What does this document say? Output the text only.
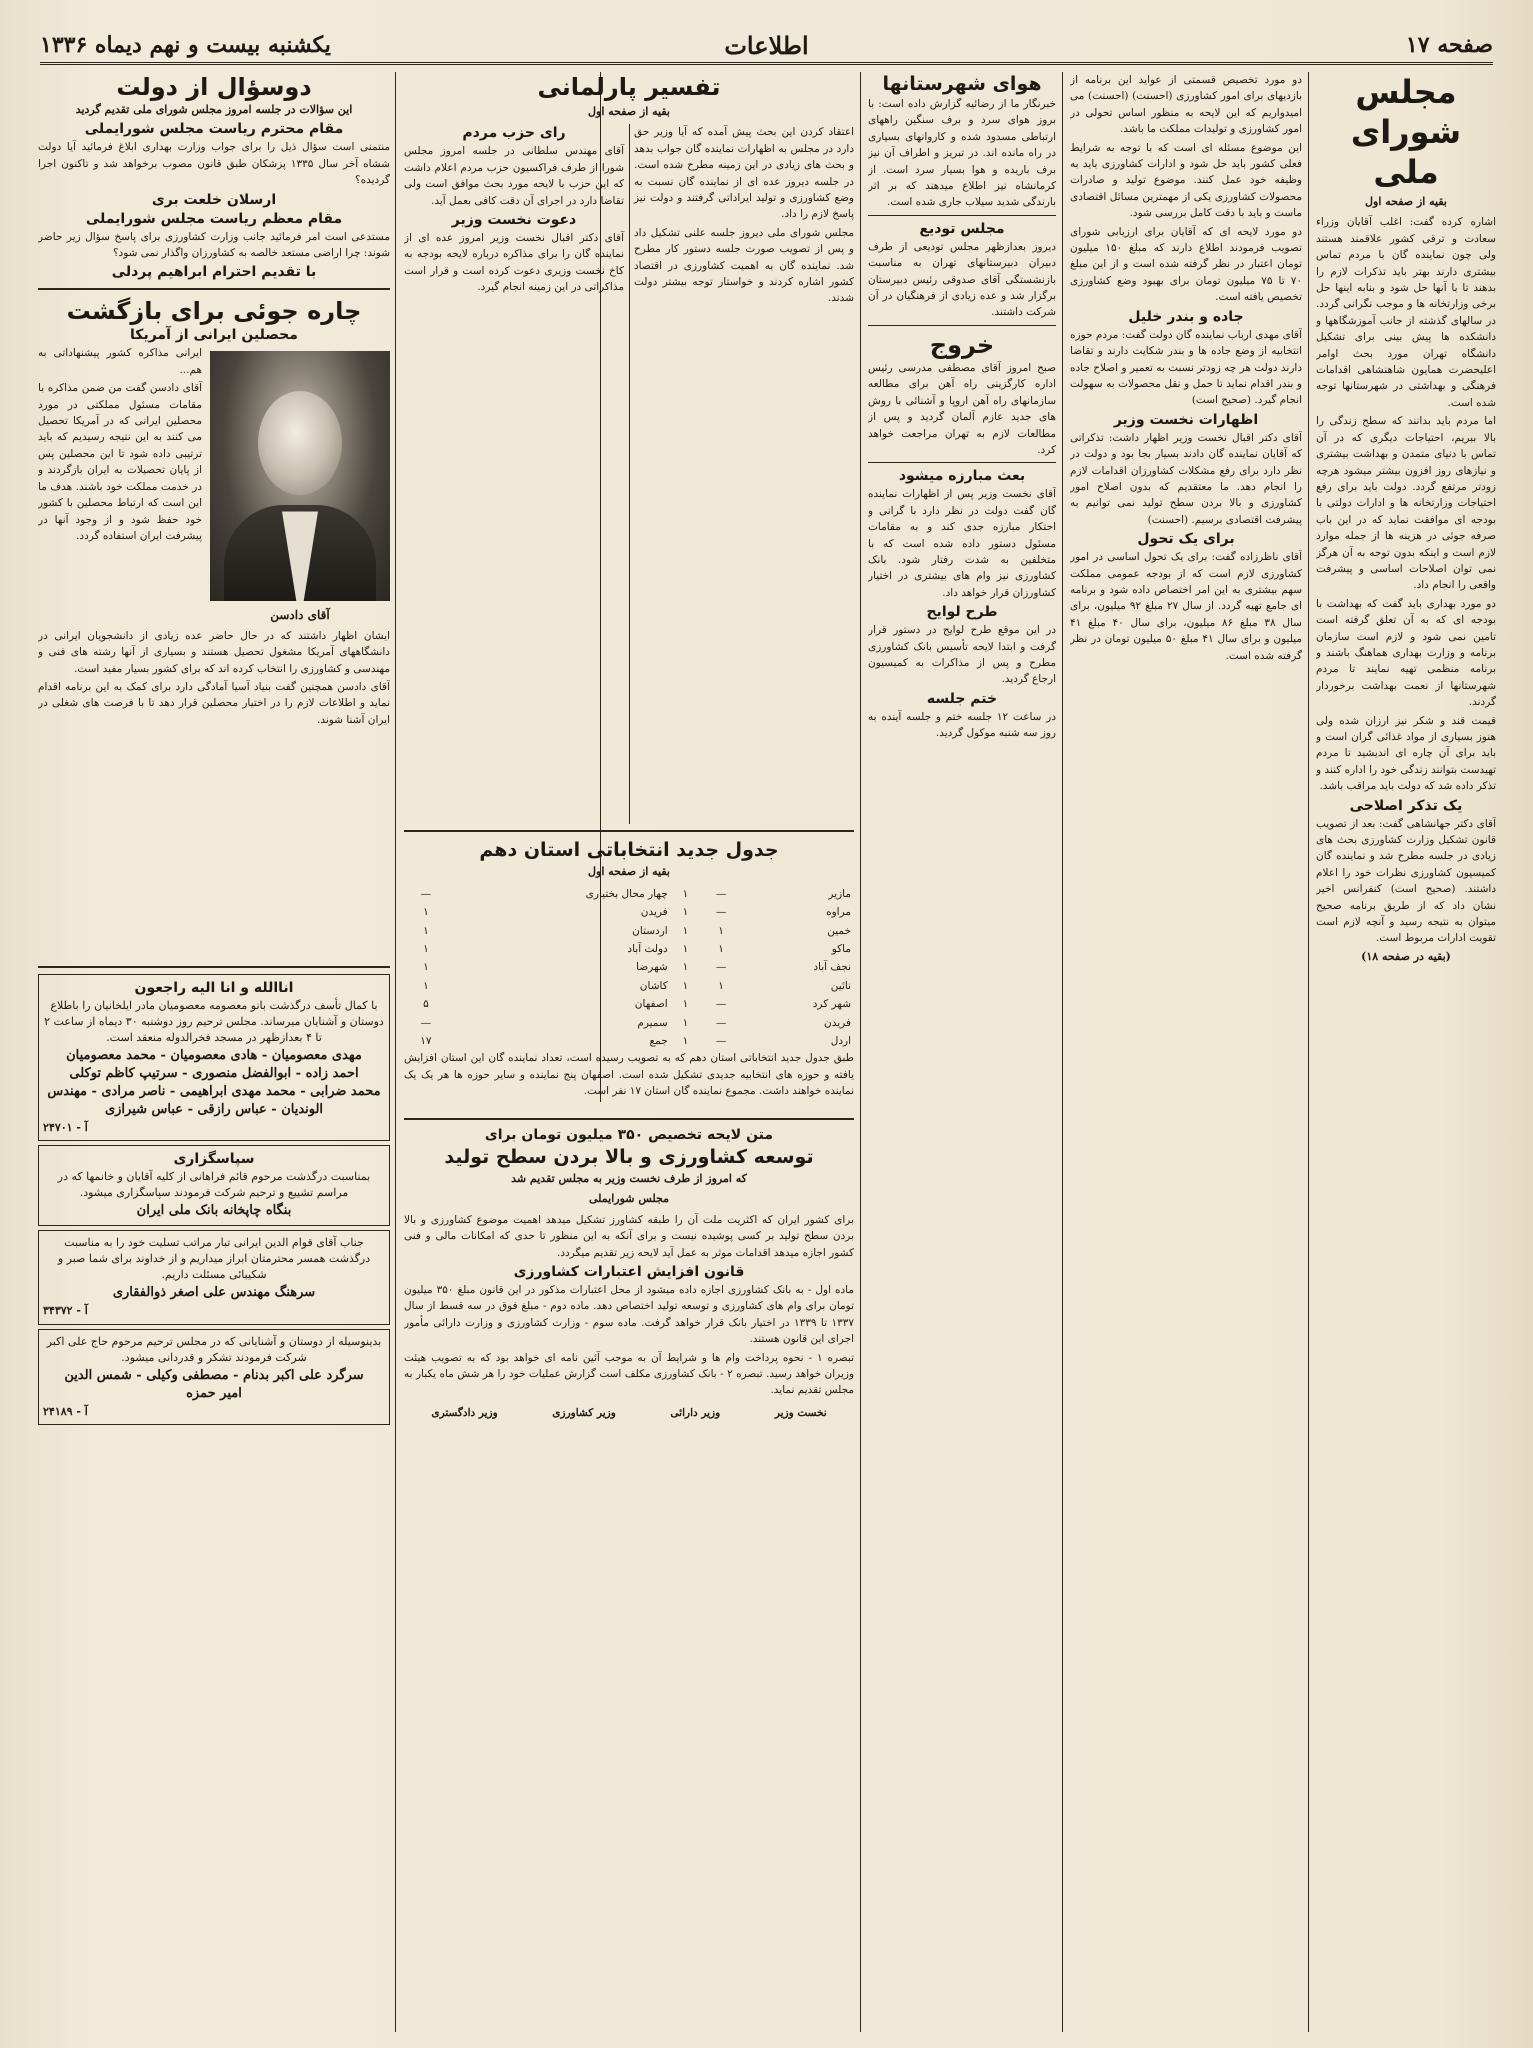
صفحه ۱۷
اطلاعات
یکشنبه بیست و نهم دیماه ۱۳۳۶
مجلس شورای ملی
بقیه از صفحه اول

اشاره کرده گفت: اغلب آقایان وزراء سعادت و ترقی کشور علاقمند هستند ولی چون نماینده گان با مردم تماس بیشتری دارند بهتر باید تذکرات لازم را بدهند تا با آنها حل شود و بنابه اینها حل برخی وزارتخانه ها و موجب نگرانی گردد. در سالهای گذشته از جانب آموزشگاهها و دانشکده ها پیش بینی برای تشکیل دانشگاه تهران مورد بحث اوامر اعلیحضرت همایون شاهنشاهی اقدامات فرهنگی و بهداشتی در شهرستانها توجه شده است.

اما مردم باید بدانند که سطح زندگی را بالا ببریم، احتیاجات دیگری که در آن تماس با دنیای متمدن و بهداشت بیشتری و نیازهای روز افزون بیشتر میشود هرچه زودتر مرتفع گردد. دولت باید برای رفع احتیاجات وزارتخانه ها و ادارات دولتی با بودجه ای موافقت نماید که در این باب صرفه جوئی در هزینه ها از جمله موارد لازم است و اینکه بدون توجه به آن هرگز نمی توان اصلاحات اساسی و پیشرفت واقعی را انجام داد.

دو مورد بهداری باید گفت که بهداشت با بودجه ای که به آن تعلق گرفته است تامین نمی شود و لازم است سازمان برنامه و وزارت بهداری هماهنگ باشند و برنامه منظمی تهیه نمایند تا مردم شهرستانها از نعمت بهداشت برخوردار گردند.

قیمت قند و شکر نیز ارزان شده ولی هنوز بسیاری از مواد غذائی گران است و باید برای آن چاره ای اندیشید تا مردم تهیدست بتوانند زندگی خود را اداره کنند و تذکر داده شد که دولت باید مراقب باشد.

یک تذکر اصلاحی

آقای دکتر جهانشاهی گفت: بعد از تصویب قانون تشکیل وزارت کشاورزی بحث های زیادی در جلسه مطرح شد و نماینده گان کمیسیون کشاورزی نظرات خود را اعلام داشتند. (صحیح است) کنفرانس اخیر نشان داد که از طریق برنامه صحیح میتوان به نتیجه رسید و آنچه لازم است تقویت ادارات مربوط است.

(بقیه در صفحه ۱۸)

دو مورد تخصیص قسمتی از عواید این برنامه از بازدیهای برای امور کشاورزی (احسنت) (احسنت) می امیدواریم که این لایحه به منظور اساس تحولی در امور کشاورزی و تولیدات مملکت ما باشد.

این موضوع مسئله ای است که با توجه به شرایط فعلی کشور باید حل شود و ادارات کشاورزی باید به وظیفه خود عمل کنند. موضوع تولید و صادرات محصولات کشاورزی یکی از مهمترین مسائل اقتصادی ماست و باید با دقت کامل بررسی شود.

دو مورد لایحه ای که آقایان برای ارزیابی شورای تصویب فرمودند اطلاع دارند که مبلغ ۱۵۰ میلیون تومان اعتبار در نظر گرفته شده است و از این مبلغ ۷۰ تا ۷۵ میلیون تومان برای بهبود وضع کشاورزی تخصیص یافته است.

جاده و بندر خلیل

آقای مهدی ارباب نماینده گان دولت گفت: مردم حوزه انتخابیه از وضع جاده ها و بندر شکایت دارند و تقاضا دارند دولت هر چه زودتر نسبت به تعمیر و اصلاح جاده و بندر اقدام نماید تا حمل و نقل محصولات به سهولت انجام گیرد. (صحیح است)

اظهارات نخست وزیر

آقای دکتر اقبال نخست وزیر اظهار داشت: تذکراتی که آقایان نماینده گان دادند بسیار بجا بود و دولت در نظر دارد برای رفع مشکلات کشاورزان اقدامات لازم را انجام دهد. ما معتقدیم که بدون اصلاح امور کشاورزی و بالا بردن سطح تولید نمی توانیم به پیشرفت اقتصادی برسیم. (احسنت)

برای یک تحول

آقای ناظرزاده گفت: برای یک تحول اساسی در امور کشاورزی لازم است که از بودجه عمومی مملکت سهم بیشتری به این امر اختصاص داده شود و برنامه ای جامع تهیه گردد. از سال ۲۷ مبلغ ۹۲ میلیون، برای سال ۳۸ مبلغ ۸۶ میلیون، برای سال ۴۰ مبلغ ۴۱ میلیون و برای سال ۴۱ مبلغ ۵۰ میلیون تومان در نظر گرفته شده است.

هوای شهرستانها

خبرنگار ما از رضائیه گزارش داده است: با بروز هوای سرد و برف سنگین راههای ارتباطی مسدود شده و کاروانهای بسیاری در راه مانده اند. در تبریز و اطراف آن نیز برف باریده و هوا بسیار سرد است. از کرمانشاه نیز اطلاع میدهند که بر اثر بارندگی شدید سیلاب جاری شده است.

مجلس توديع

دیروز بعدازظهر مجلس تودیعی از طرف دبیران دبیرستانهای تهران به مناسبت بازنشستگی آقای صدوقی رئیس دبیرستان برگزار شد و عده زیادی از فرهنگیان در آن شرکت داشتند.

خروج

صبح امروز آقای مصطفی مدرسی رئیس اداره کارگزینی راه آهن برای مطالعه سازمانهای راه آهن اروپا و آشنائی با روش های جدید عازم آلمان گردید و پس از مطالعات لازم به تهران مراجعت خواهد کرد.

بعث مبارزه میشود

آقای نخست وزیر پس از اظهارات نماینده گان گفت دولت در نظر دارد با گرانی و احتکار مبارزه جدی کند و به مقامات مسئول دستور داده شده است که با متخلفین به شدت رفتار شود. بانک کشاورزی نیز وام های بیشتری در اختیار کشاورزان قرار خواهد داد.

طرح لوايح

در این موقع طرح لوایح در دستور قرار گرفت و ابتدا لایحه تأسیس بانک کشاورزی مطرح و پس از مذاکرات به کمیسیون ارجاع گردید.

ختم جلسه

در ساعت ۱۲ جلسه ختم و جلسه آینده به روز سه شنبه موکول گردید.

تفسیر پارلمانی
بقیه از صفحه اول

اعتقاد کردن این بحث پیش آمده که آیا وزیر حق دارد در مجلس به اظهارات نماینده گان جواب بدهد و بحث های زیادی در این زمینه مطرح شده است. در جلسه دیروز عده ای از نماینده گان نسبت به وضع کشاورزی و تولید ایراداتی گرفتند و دولت نیز پاسخ لازم را داد.

مجلس شورای ملی دیروز جلسه علنی تشکیل داد و پس از تصویب صورت جلسه دستور کار مطرح شد. نماینده گان به اهمیت کشاورزی در اقتصاد کشور اشاره کردند و خواستار توجه بیشتر دولت شدند.

رای حزب مردم

آقای مهندس سلطانی در جلسه امروز مجلس شورا از طرف فراکسیون حزب مردم اعلام داشت که این حزب با لایحه مورد بحث موافق است ولی تقاضا دارد در اجرای آن دقت کافی بعمل آید.

دعوت نخست وزیر

آقای دکتر اقبال نخست وزیر امروز عده ای از نماینده گان را برای مذاکره درباره لایحه بودجه به کاخ نخست وزیری دعوت کرده است و قرار است مذاکراتی در این زمینه انجام گیرد.

جدول جدید انتخاباتی استان دهم
بقیه از صفحه اول
مازیر	—	۱	چهار محال بختیاری	—
مراوه	—	۱	فریدن	۱
خمین	۱	۱	اردستان	۱
ماکو	۱	۱	دولت آباد	۱
نجف آباد	—	۱	شهرضا	۱
نائین	۱	۱	کاشان	۱
شهر کرد	—	۱	اصفهان	۵
فریدن	—	۱	سمیرم	—
اردل	—	۱	جمع	۱۷

طبق جدول جدید انتخاباتی استان دهم که به تصویب رسیده است، تعداد نماینده گان این استان افزایش یافته و حوزه های انتخابیه جدیدی تشکیل شده است. اصفهان پنج نماینده و سایر حوزه ها هر یک یک نماینده خواهند داشت. مجموع نماینده گان استان ۱۷ نفر است.

متن لایحه تخصیص ۳۵۰ میلیون تومان برای
توسعه کشاورزی و بالا بردن سطح تولید
که امروز از طرف نخست وزیر به مجلس تقدیم شد
مجلس شورایملی

برای کشور ایران که اکثریت ملت آن را طبقه کشاورز تشکیل میدهد اهمیت موضوع کشاورزی و بالا بردن سطح تولید بر کسی پوشیده نیست و برای آنکه به این منظور تا حدی که امکانات مالی و فنی کشور اجازه میدهد اقدامات موثر به عمل آید لایحه زیر تقدیم میگردد.

قانون افزایش اعتبارات کشاورزی

ماده اول - به بانک کشاورزی اجازه داده میشود از محل اعتبارات مذکور در این قانون مبلغ ۳۵۰ میلیون تومان برای وام های کشاورزی و توسعه تولید اختصاص دهد. ماده دوم - مبلغ فوق در سه قسط از سال ۱۳۳۷ تا ۱۳۳۹ در اختیار بانک قرار خواهد گرفت. ماده سوم - وزارت کشاورزی و وزارت دارائی مأمور اجرای این قانون هستند.

تبصره ۱ - نحوه پرداخت وام ها و شرایط آن به موجب آئین نامه ای خواهد بود که به تصویب هیئت وزیران خواهد رسید. تبصره ۲ - بانک کشاورزی مکلف است گزارش عملیات خود را هر شش ماه یکبار به مجلس تقدیم نماید.

نخست وزیر
وزیر دارائی
وزیر کشاورزی
وزیر دادگستری
دوسؤال از دولت

این سؤالات در جلسه امروز مجلس شورای ملی تقدیم گردید

مقام محترم ریاست مجلس شورایملی

منتمنی است سؤال ذیل را برای جواب وزارت بهداری ابلاغ فرمائید آیا دولت ششاه آخر سال ۱۳۳۵ پزشکان طبق قانون مصوب برخواهد شد و تاکنون اجرا گردیده؟

ارسلان خلعت بری
مقام معظم ریاست مجلس شورایملی

مستدعی است امر فرمائید جانب وزارت کشاورزی برای پاسخ سؤال زیر حاضر شوند: چرا اراضی مستعد خالصه به کشاورزان واگذار نمی شود؟

با تقدیم احترام ابراهیم پردلی
چاره جوئی برای بازگشت
محصلین ایرانی از آمریکا
آقای دادسن

ایرانی مذاکره کشور پیشنهاداتی به هم...

آقای دادسن گفت من ضمن مذاکره با مقامات مسئول مملکتی در مورد محصلین ایرانی که در آمریکا تحصیل می کنند به این نتیجه رسیدیم که باید ترتیبی داده شود تا این محصلین پس از پایان تحصیلات به ایران بازگردند و در خدمت مملکت خود باشند. هدف ما این است که ارتباط محصلین با کشور خود حفظ شود و از وجود آنها در پیشرفت ایران استفاده گردد.

ایشان اظهار داشتند که در حال حاضر عده زیادی از دانشجویان ایرانی در دانشگاههای آمریکا مشغول تحصیل هستند و بسیاری از آنها رشته های فنی و مهندسی و کشاورزی را انتخاب کرده اند که برای کشور بسیار مفید است.

آقای دادسن همچنین گفت بنیاد آسیا آمادگی دارد برای کمک به این برنامه اقدام نماید و اطلاعات لازم را در اختیار محصلین قرار دهد تا با فرصت های شغلی در ایران آشنا شوند.

اناالله و انا الیه راجعون

با کمال تأسف درگذشت بانو معصومه معصومیان مادر ایلخانیان را باطلاع دوستان و آشنایان میرساند. مجلس ترحیم روز دوشنبه ۳۰ دیماه از ساعت ۲ تا ۴ بعدازظهر در مسجد فخرالدوله منعقد است.

مهدی معصومیان - هادی معصومیان - محمد معصومیان

احمد زاده - ابوالفضل منصوری - سرتیپ کاظم توکلی

محمد ضرابی - محمد مهدی ابراهیمی - ناصر مرادی - مهندس

الوندیان - عباس رازقی - عباس شیرازی

آ - ۲۴۷۰۱
سپاسگزاری

بمناسبت درگذشت مرحوم قائم فراهانی از کلیه آقایان و خانمها که در مراسم تشییع و ترحیم شرکت فرمودند سپاسگزاری میشود.

بنگاه چاپخانه بانک ملی ایران

جناب آقای قوام الدین ایرانی تبار مراتب تسلیت خود را به مناسبت درگذشت همسر محترمتان ابراز میداریم و از خداوند برای شما صبر و شکیبائی مسئلت داریم.

سرهنگ مهندس علی اصغر ذوالفقاری

آ - ۳۴۳۷۲

بدینوسیله از دوستان و آشنایانی که در مجلس ترحیم مرحوم حاج علی اکبر شرکت فرمودند تشکر و قدردانی میشود.

سرگرد علی اکبر بدنام - مصطفی وکیلی - شمس الدین

امیر حمزه

آ - ۲۴۱۸۹
